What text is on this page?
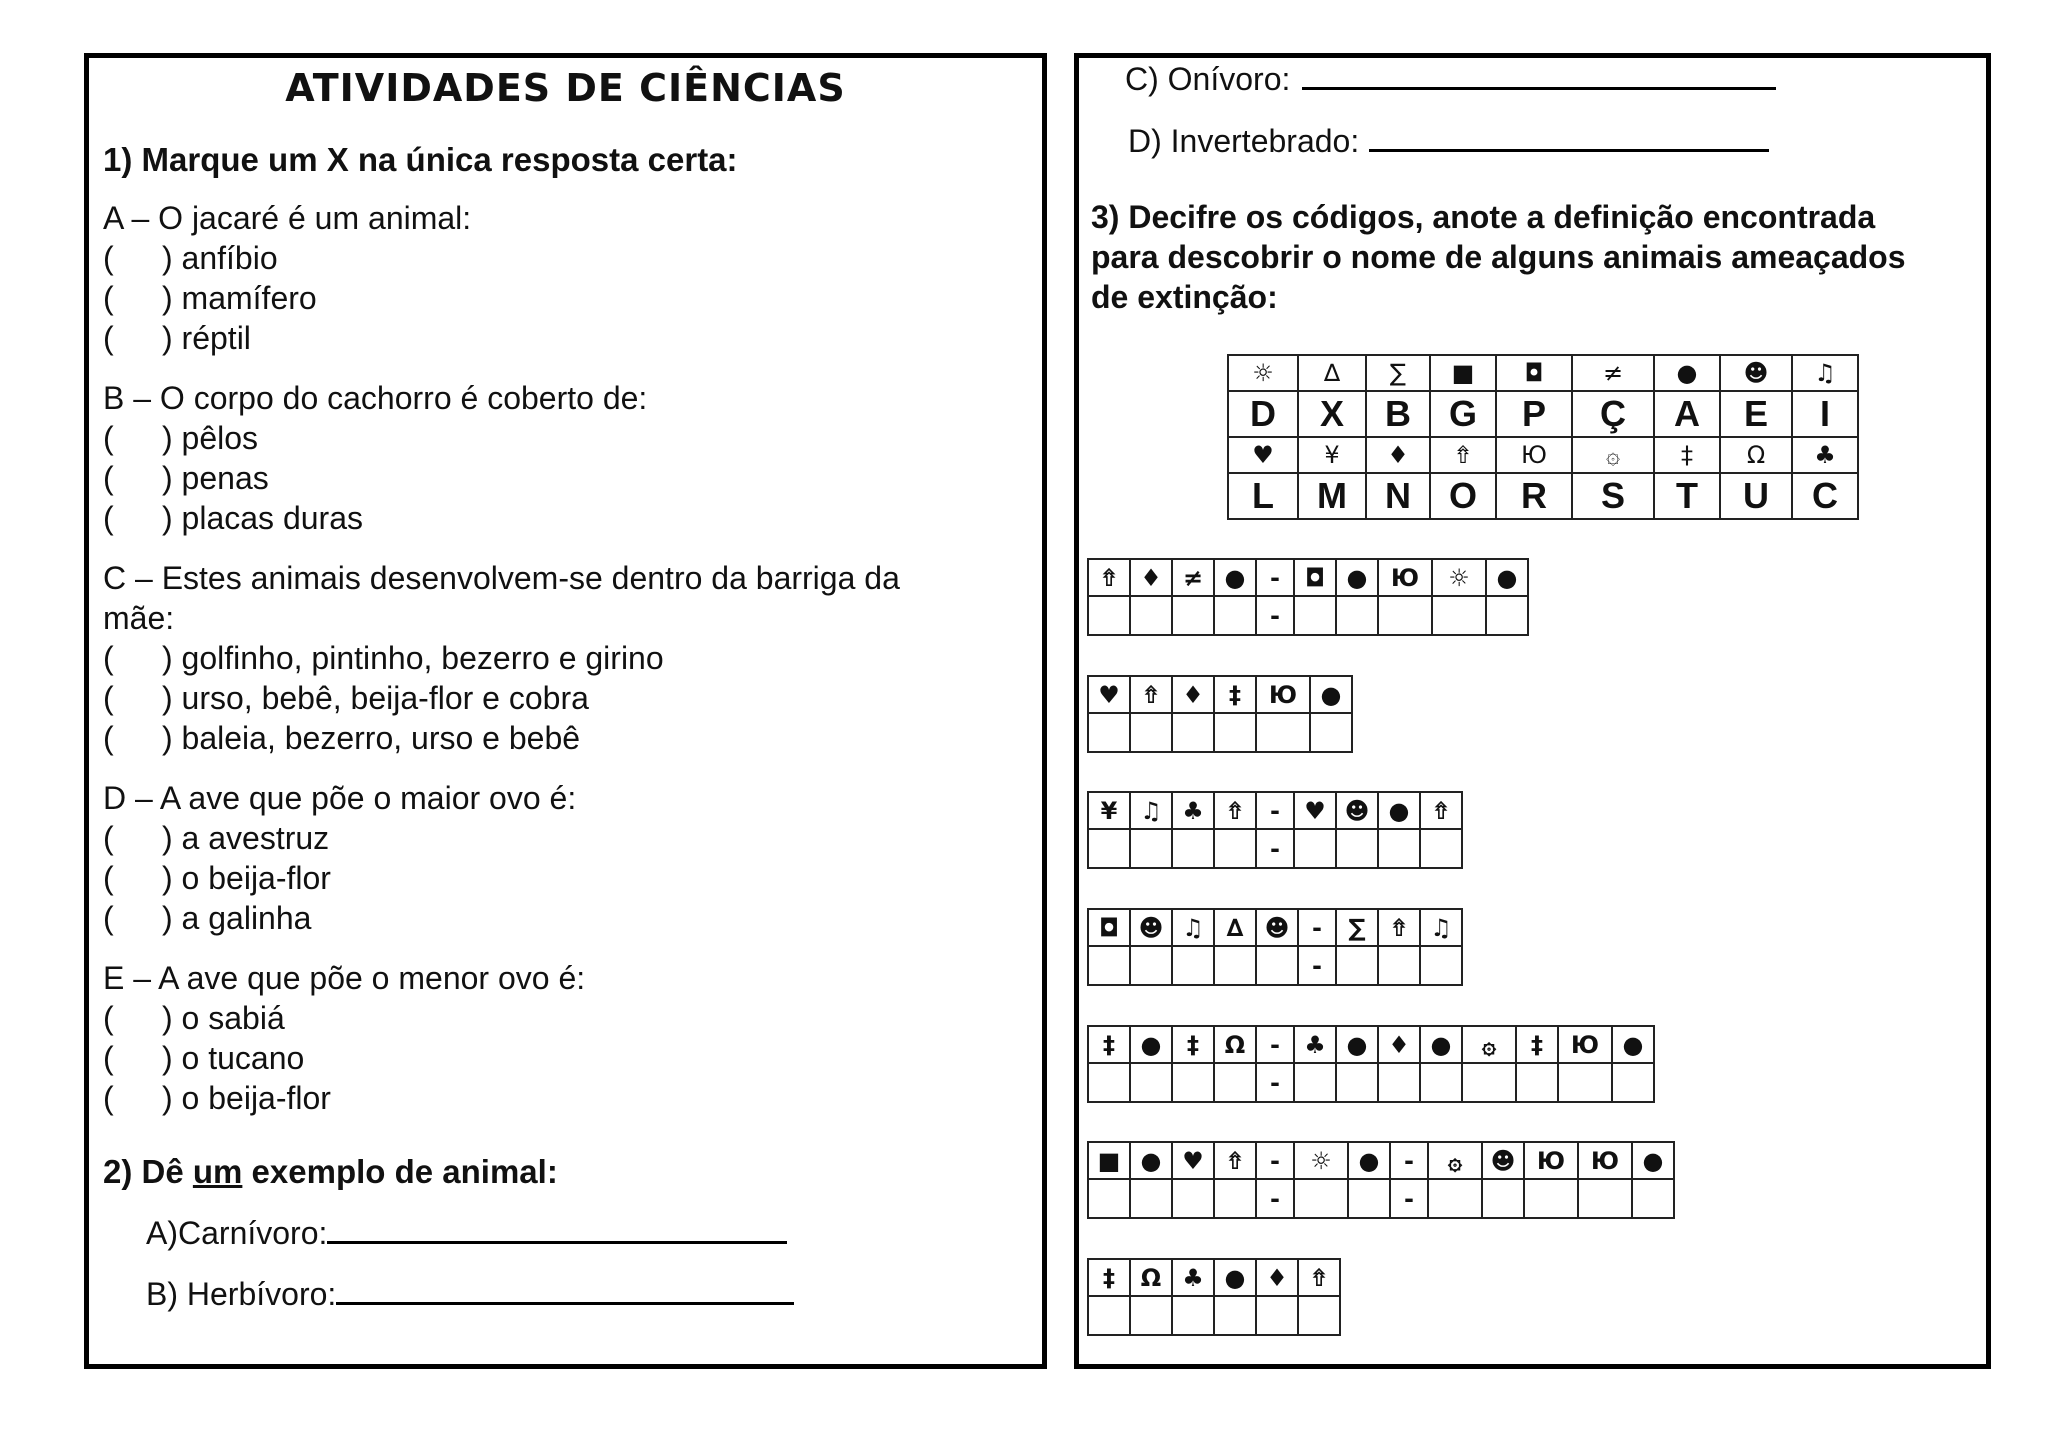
ATIVIDADES DE CIÊNCIAS
1) Marque um X na única resposta certa:
A – O jacaré é um animal:
( ) anfíbio
( ) mamífero
( ) réptil
B – O corpo do cachorro é coberto de:
( ) pêlos
( ) penas
( ) placas duras
C – Estes animais desenvolvem-se dentro da barriga da
mãe:
( ) golfinho, pintinho, bezerro e girino
( ) urso, bebê, beija-flor e cobra
( ) baleia, bezerro, urso e bebê
D – A ave que põe o maior ovo é:
( ) a avestruz
( ) o beija-flor
( ) a galinha
E – A ave que põe o menor ovo é:
( ) o sabiá
( ) o tucano
( ) o beija-flor
2) Dê um exemplo de animal:
A)Carnívoro:
B) Herbívoro:
C) Onívoro:
D) Invertebrado:
3) Decifre os códigos, anote a definição encontrada
para descobrir o nome de alguns animais ameaçados
de extinção:
☼	∆	∑	■	◘	≠	●	☻	♫
D	X	B	G	P	Ç	A	E	I
♥	¥	♦	⇮	Ю	۞	‡	Ω	♣
L	M	N	O	R	S	T	U	C
⇮	♦	≠	●	-	◘	●	Ю	☼	●
				-					
♥	⇮	♦	‡	Ю	●

¥	♫	♣	⇮	-	♥	☻	●	⇮
				-				
◘	☻	♫	∆	☻	-	∑	⇮	♫
					-			
‡	●	‡	Ω	-	♣	●	♦	●	۞	‡	Ю	●
				-								
■	●	♥	⇮	-	☼	●	-	۞	☻	Ю	Ю	●
				-			-					
‡	Ω	♣	●	♦	⇮
